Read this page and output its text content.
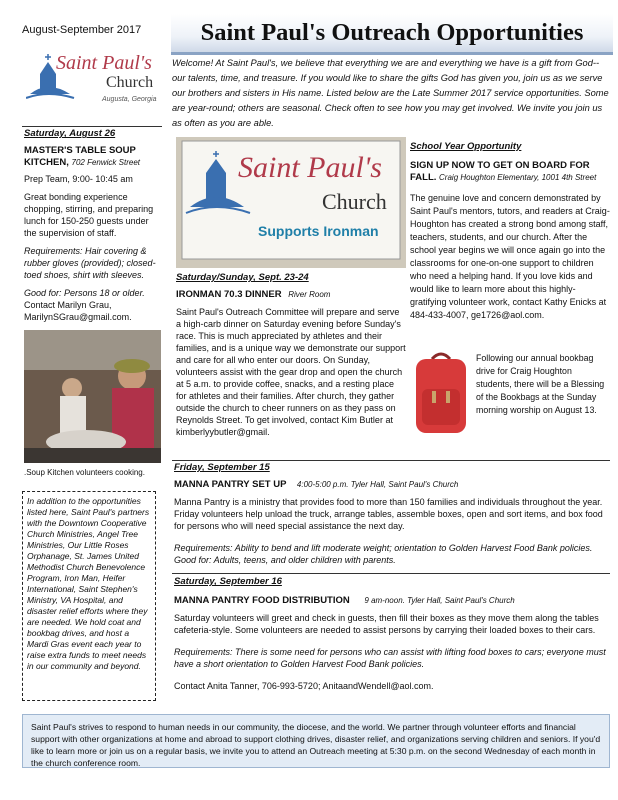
August-September 2017	Saint Paul's Outreach Opportunities
Saint Paul's
Church
Augusta, Georgia
Welcome! At Saint Paul's, we believe that everything we are and everything we have is a gift from God--our talents, time, and treasure. If you would like to share the gifts God has given you, join us as we serve our brothers and sisters in His name. Listed below are the Late Summer 2017 service opportunities. Some are year-round; others are seasonal. Check often to see how you may get involved. We invite you join us as often as you are able.
Saturday, August 26
MASTER'S TABLE SOUP KITCHEN, 702 Fenwick Street

Prep Team, 9:00- 10:45 am

Great bonding experience chopping, stirring, and preparing lunch for 150-250 guests under the supervision of staff.

Requirements: Hair covering & rubber gloves (provided); closed-toed shoes, shirt with sleeves.

Good for: Persons 18 or older.

Contact Marilyn Grau,

MarilynSGrau@gmail.com.

.Soup Kitchen volunteers cooking.
In addition to the opportunities listed here, Saint Paul's partners with the Downtown Cooperative Church Ministries, Angel Tree Ministries, Our Little Roses Orphanage, St. James United Methodist Church Benevolence Program, Iron Man, Heifer International, Saint Stephen's Ministry, VA Hospital, and disaster relief efforts where they are needed. We hold coat and bookbag drives, and host a Mardi Gras event each year to raise extra funds to meet needs in our community and beyond.
Saint Paul's
Church
Supports Ironman
Saturday/Sunday, Sept. 23-24
IRONMAN 70.3 DINNER River Room

Saint Paul's Outreach Committee will prepare and serve a high-carb dinner on Saturday evening before Sunday's race. This is much appreciated by athletes and their families, and is a unique way we demonstrate our support and care for all who enter our doors. On Sunday, volunteers assist with the gear drop and open the church at 5 a.m. to provide coffee, snacks, and a resting place for athletes and their families. After church, they gather outside the church to cheer runners on as they pass on Reynolds Street. To get involved, contact Kim Butler at kimberlyybutler@gmail.

School Year Opportunity
SIGN UP NOW TO GET ON BOARD FOR FALL. Craig Houghton Elementary, 1001 4th Street

The genuine love and concern demonstrated by Saint Paul's mentors, tutors, and readers at Craig-Houghton has created a strong bond among staff, teachers, students, and our church. After the school year begins we will once again go into the classrooms for one-on-one support to children who need a helping hand. If you love kids and would like to learn more about this highly-gratifying volunteer work, contact Kathy Enicks at 484-433-4007, ge1726@aol.com.

Following our annual bookbag drive for Craig Houghton students, there will be a Blessing of the Bookbags at the Sunday morning worship on August 13.
Friday, September 15
MANNA PANTRY SET UP 4:00-5:00 p.m. Tyler Hall, Saint Paul's Church

Manna Pantry is a ministry that provides food to more than 150 families and individuals throughout the year. Friday volunteers help unload the truck, arrange tables, assemble boxes, open and sort items, and box food for persons who will need special assistance the next day.

Requirements: Ability to bend and lift moderate weight; orientation to Golden Harvest Food Bank policies. Good for: Adults, teens, and older children with parents.

Saturday, September 16
MANNA PANTRY FOOD DISTRIBUTION 9 am-noon. Tyler Hall, Saint Paul's Church

Saturday volunteers will greet and check in guests, then fill their boxes as they move them along the tables cafeteria-style. Some volunteers are needed to assist persons by carrying their loaded boxes to their cars.

Requirements: There is some need for persons who can assist with lifting food boxes to cars; everyone must have a short orientation to Golden Harvest Food Bank policies.

Contact Anita Tanner, 706-993-5720; AnitaandWendell@aol.com.

Saint Paul's strives to respond to human needs in our community, the diocese, and the world. We partner through volunteer efforts and financial support with other organizations at home and abroad to support clothing drives, disaster relief, and organizations serving children and seniors. If you'd like to learn more or join us on a regular basis, we invite you to attend an Outreach meeting at 5:30 p.m. on the second Wednesday of each month in the church conference room.
